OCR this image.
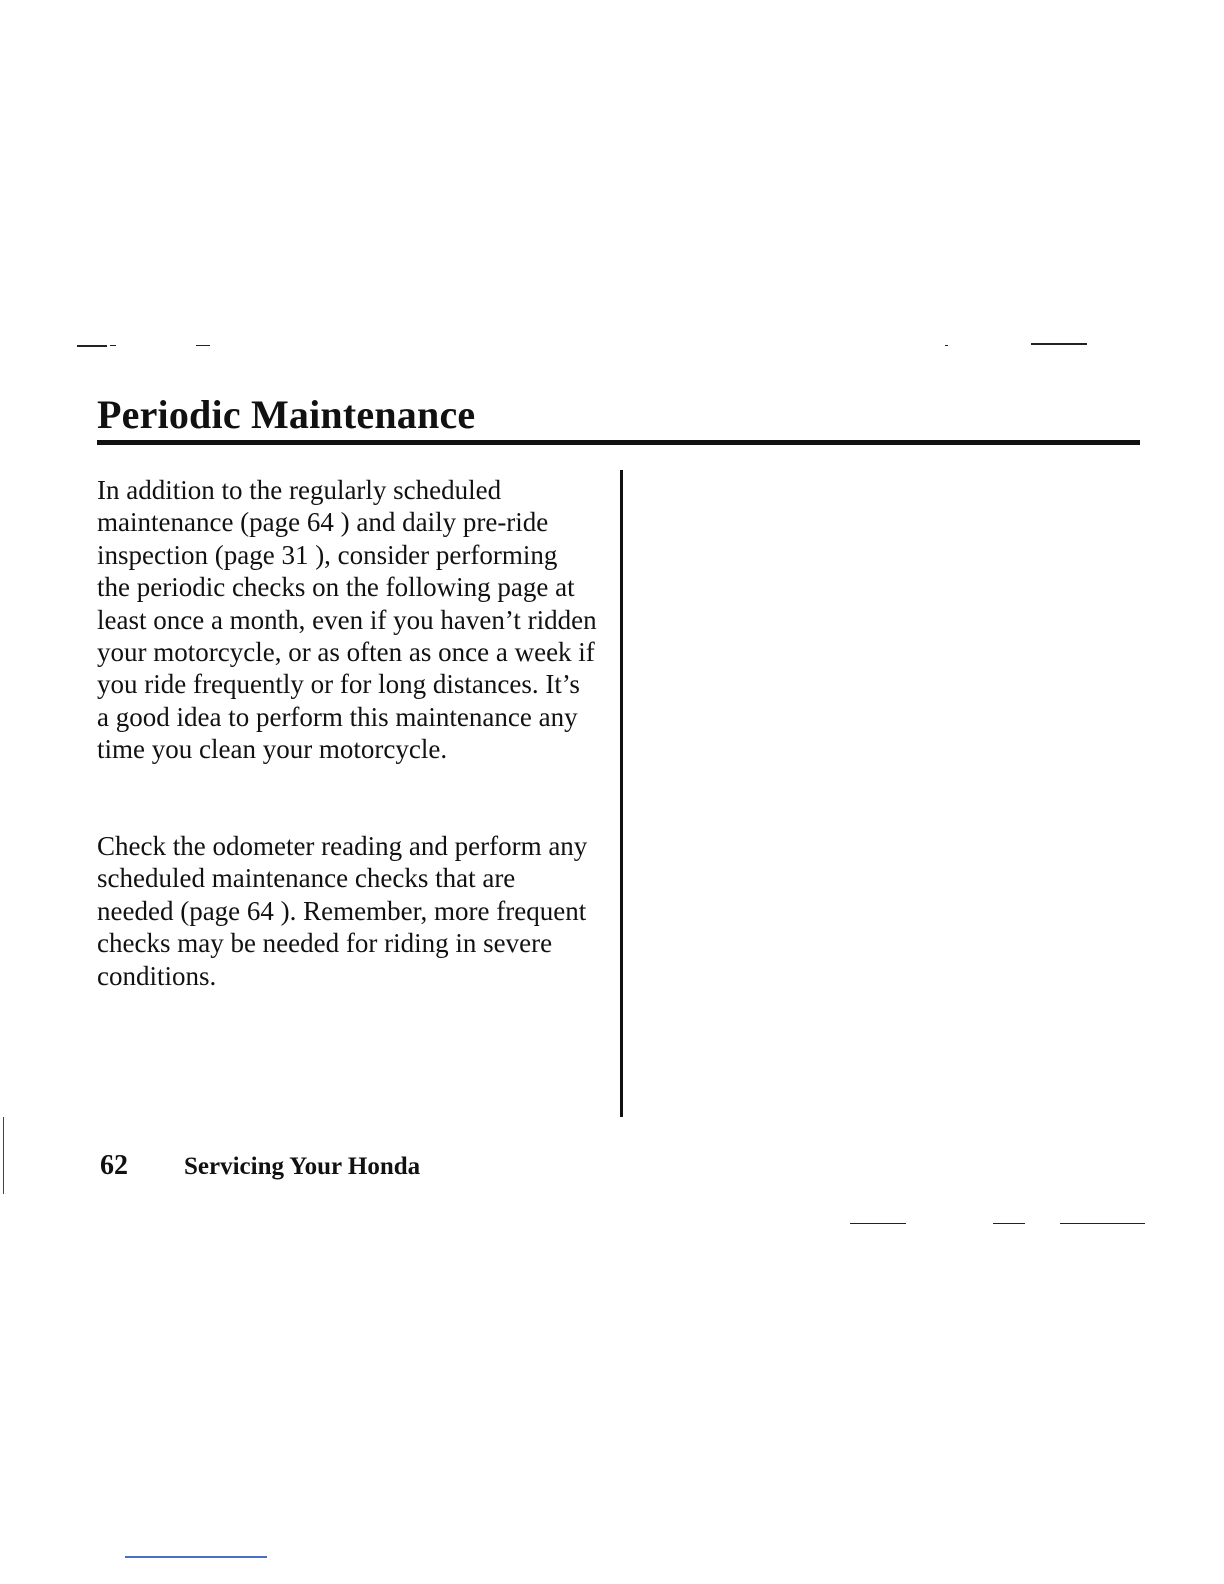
Periodic Maintenance

In addition to the regularly scheduled maintenance (page 64 ) and daily pre-ride inspection (page 31 ), consider performing the periodic checks on the following page at least once a month, even if you haven’t ridden your motorcycle, or as often as once a week if you ride frequently or for long distances. It’s a good idea to perform this maintenance any time you clean your motorcycle.

Check the odometer reading and perform any scheduled maintenance checks that are needed (page 64 ). Remember, more frequent checks may be needed for riding in severe conditions.

62 Servicing Your Honda
